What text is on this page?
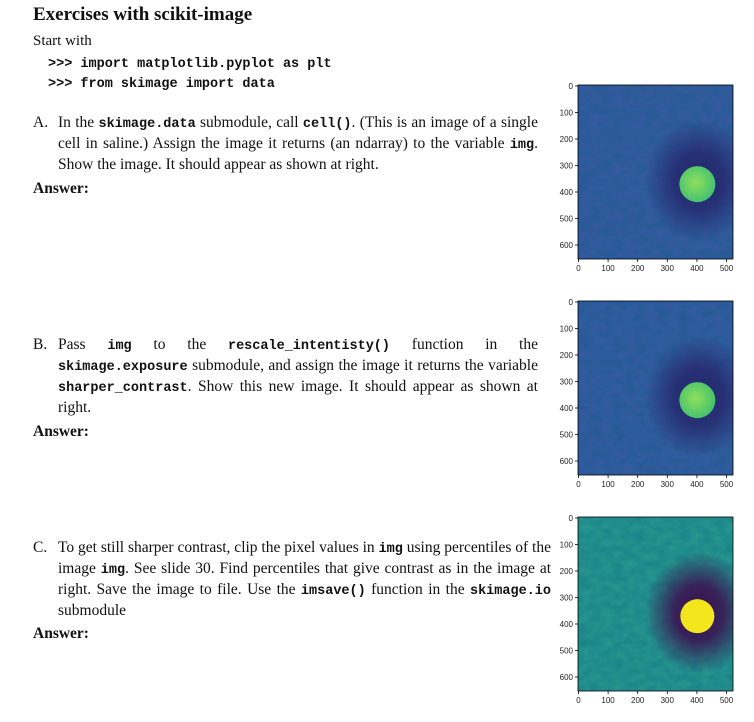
Exercises with scikit-image
Start with
>>> import matplotlib.pyplot as plt
>>> from skimage import data
A. In the skimage.data submodule, call cell(). (This is an image of a single cell in saline.) Assign the image it returns (an ndarray) to the variable img. Show the image. It should appear as shown at right.
Answer:
B. Pass img to the rescale_intentisty() function in the skimage.exposure submodule, and assign the image it returns the variable sharper_contrast. Show this new image. It should appear as shown at right.
Answer:
C. To get still sharper contrast, clip the pixel values in img using percentiles of the image img. See slide 30. Find percentiles that give contrast as in the image at right. Save the image to file. Use the imsave() function in the skimage.io submodule
Answer:
0
100
200
300
400
500
600
0	100 200 300 400 500
0
100
200
300
400
500
600
0	100 200 300 400 500
0
100
200
300
400
500
600
0	100 200 300 400 500
